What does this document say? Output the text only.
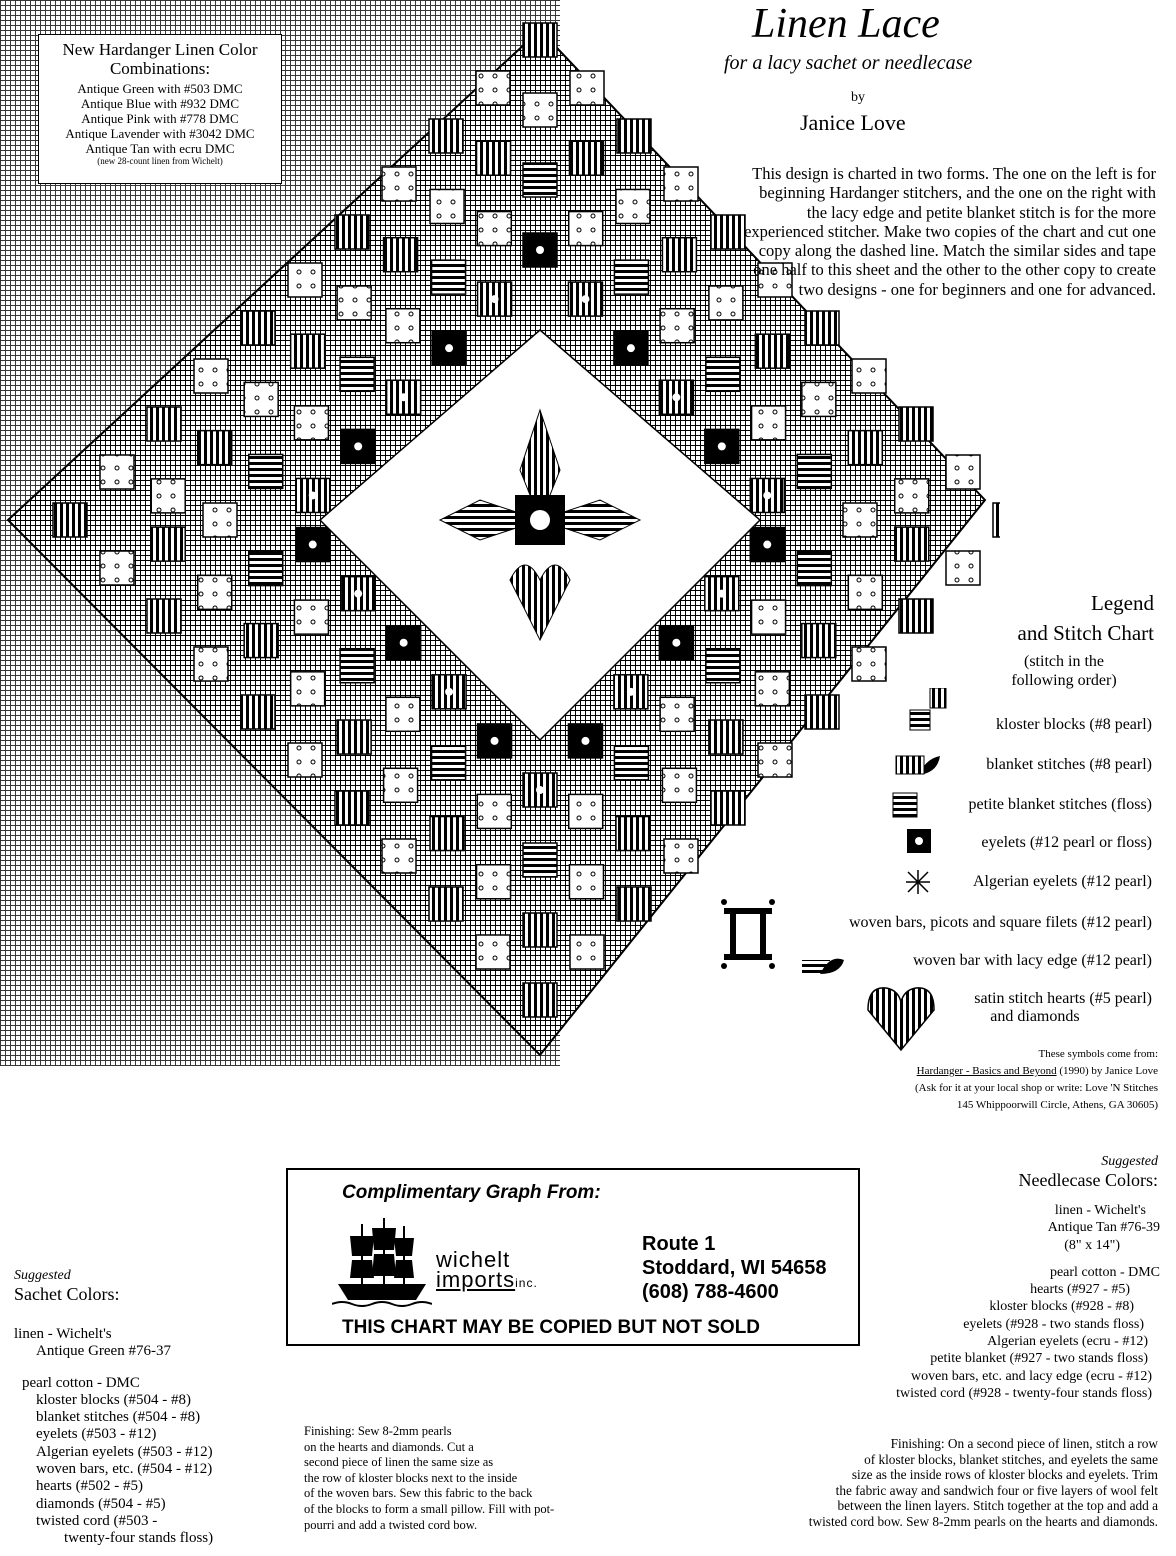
New Hardanger Linen Color Combinations:
Antique Green with #503 DMC
Antique Blue with #932 DMC
Antique Pink with #778 DMC
Antique Lavender with #3042 DMC
Antique Tan with ecru DMC
(new 28-count linen from Wichelt)
Linen Lace
for a lacy sachet or needlecase
by
Janice Love
This design is charted in two forms. The one on the left is for beginning Hardanger stitchers, and the one on the right with the lacy edge and petite blanket stitch is for the more experienced stitcher. Make two copies of the chart and cut one copy along the dashed line. Match the similar sides and tape one half to this sheet and the other to the other copy to create two designs - one for beginners and one for advanced.
Legend
and Stitch Chart
(stitch in the following order)
kloster blocks (#8 pearl)
blanket stitches (#8 pearl)
petite blanket stitches (floss)
eyelets (#12 pearl or floss)
Algerian eyelets (#12 pearl)
woven bars, picots and square filets (#12 pearl)
woven bar with lacy edge (#12 pearl)
satin stitch hearts (#5 pearl)
and diamonds
These symbols come from:
Hardanger - Basics and Beyond (1990) by Janice Love
(Ask for it at your local shop or write: Love 'N Stitches
145 Whippoorwill Circle, Athens, GA 30605)
Complimentary Graph From:
wichelt
importsinc.
Route 1
Stoddard, WI 54658
(608) 788-4600
THIS CHART MAY BE COPIED BUT NOT SOLD
Suggested
Sachet Colors:
linen - Wichelt's
Antique Green #76-37
pearl cotton - DMC
kloster blocks (#504 - #8)
blanket stitches (#504 - #8)
eyelets (#503 - #12)
Algerian eyelets (#503 - #12)
woven bars, etc. (#504 - #12)
hearts (#502 - #5)
diamonds (#504 - #5)
twisted cord (#503 -
twenty-four stands floss)
Finishing: Sew 8-2mm pearls
on the hearts and diamonds. Cut a
second piece of linen the same size as
the row of kloster blocks next to the inside
of the woven bars. Sew this fabric to the back
of the blocks to form a small pillow. Fill with pot-
pourri and add a twisted cord bow.
Suggested
Needlecase Colors:
linen - Wichelt's
Antique Tan #76-39
(8" x 14")
pearl cotton - DMC
hearts (#927 - #5)
kloster blocks (#928 - #8)
eyelets (#928 - two stands floss)
Algerian eyelets (ecru - #12)
petite blanket (#927 - two stands floss)
woven bars, etc. and lacy edge (ecru - #12)
twisted cord (#928 - twenty-four stands floss)
Finishing: On a second piece of linen, stitch a row
of kloster blocks, blanket stitches, and eyelets the same
size as the inside rows of kloster blocks and eyelets. Trim
the fabric away and sandwich four or five layers of wool felt
between the linen layers. Stitch together at the top and add a
twisted cord bow. Sew 8-2mm pearls on the hearts and diamonds.
